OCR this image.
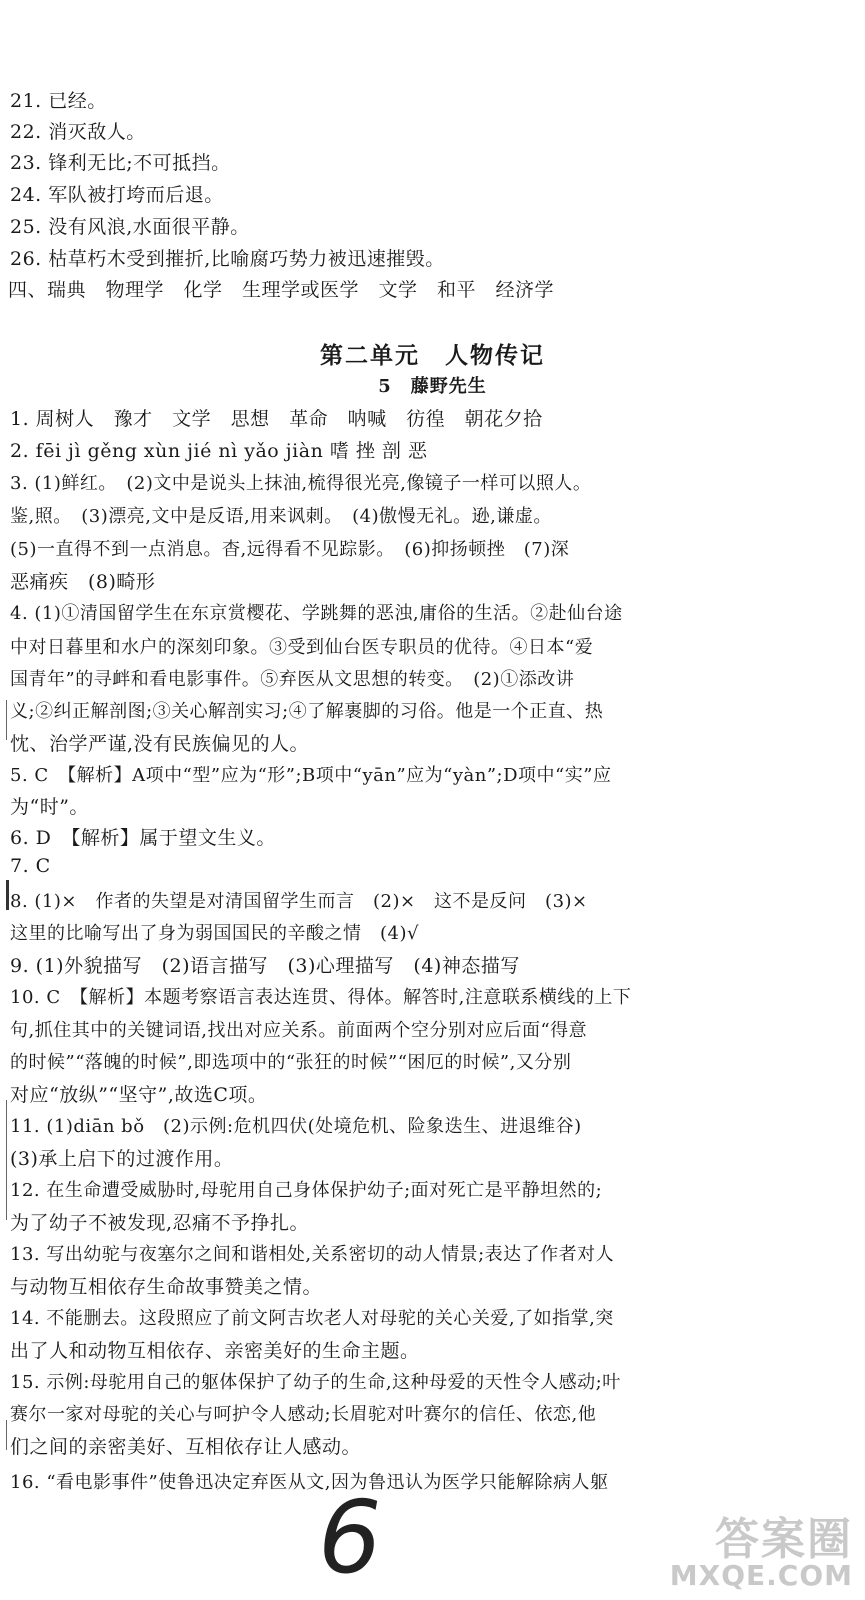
21. 已经。
22. 消灭敌人。
23. 锋利无比;不可抵挡。
24. 军队被打垮而后退。
25. 没有风浪,水面很平静。
26. 枯草朽木受到摧折,比喻腐巧势力被迅速摧毁。
四、瑞典　物理学　化学　生理学或医学　文学　和平　经济学
第二单元　人物传记
5　藤野先生
1. 周树人　豫才　文学　思想　革命　呐喊　彷徨　朝花夕拾
2. fēi jì gěng xùn jié nì yǎo jiàn 嗜 挫 剖 恶
3. (1)鲜红。　(2)文中是说头上抹油,梳得很光亮,像镜子一样可以照人。
鉴,照。　(3)漂亮,文中是反语,用来讽刺。　(4)傲慢无礼。逊,谦虚。
(5)一直得不到一点消息。杳,远得看不见踪影。　(6)抑扬顿挫　(7)深
恶痛疾　(8)畸形
4. (1)①清国留学生在东京赏樱花、学跳舞的恶浊,庸俗的生活。②赴仙台途
中对日暮里和水户的深刻印象。③受到仙台医专职员的优待。④日本“爱
国青年”的寻衅和看电影事件。⑤弃医从文思想的转变。　(2)①添改讲
义;②纠正解剖图;③关心解剖实习;④了解裹脚的习俗。他是一个正直、热
忱、治学严谨,没有民族偏见的人。
5. C　【解析】A项中“型”应为“形”;B项中“yān”应为“yàn”;D项中“实”应
为“时”。
6. D　【解析】属于望文生义。
7. C
8. (1)×　作者的失望是对清国留学生而言　(2)×　这不是反问　(3)×
这里的比喻写出了身为弱国国民的辛酸之情　(4)√
9. (1)外貌描写　(2)语言描写　(3)心理描写　(4)神态描写
10. C　【解析】本题考察语言表达连贯、得体。解答时,注意联系横线的上下
句,抓住其中的关键词语,找出对应关系。前面两个空分别对应后面“得意
的时候”“落魄的时候”,即选项中的“张狂的时候”“困厄的时候”,又分别
对应“放纵”“坚守”,故选C项。
11. (1)diān bǒ　(2)示例:危机四伏(处境危机、险象迭生、进退维谷)
(3)承上启下的过渡作用。
12. 在生命遭受威胁时,母驼用自己身体保护幼子;面对死亡是平静坦然的;
为了幼子不被发现,忍痛不予挣扎。
13. 写出幼驼与夜塞尔之间和谐相处,关系密切的动人情景;表达了作者对人
与动物互相依存生命故事赞美之情。
14. 不能删去。这段照应了前文阿吉坎老人对母驼的关心关爱,了如指掌,突
出了人和动物互相依存、亲密美好的生命主题。
15. 示例:母驼用自己的躯体保护了幼子的生命,这种母爱的天性令人感动;叶
赛尔一家对母驼的关心与呵护令人感动;长眉驼对叶赛尔的信任、依恋,他
们之间的亲密美好、互相依存让人感动。
16. “看电影事件”使鲁迅决定弃医从文,因为鲁迅认为医学只能解除病人躯
6	答案圈
MXQE.COM
